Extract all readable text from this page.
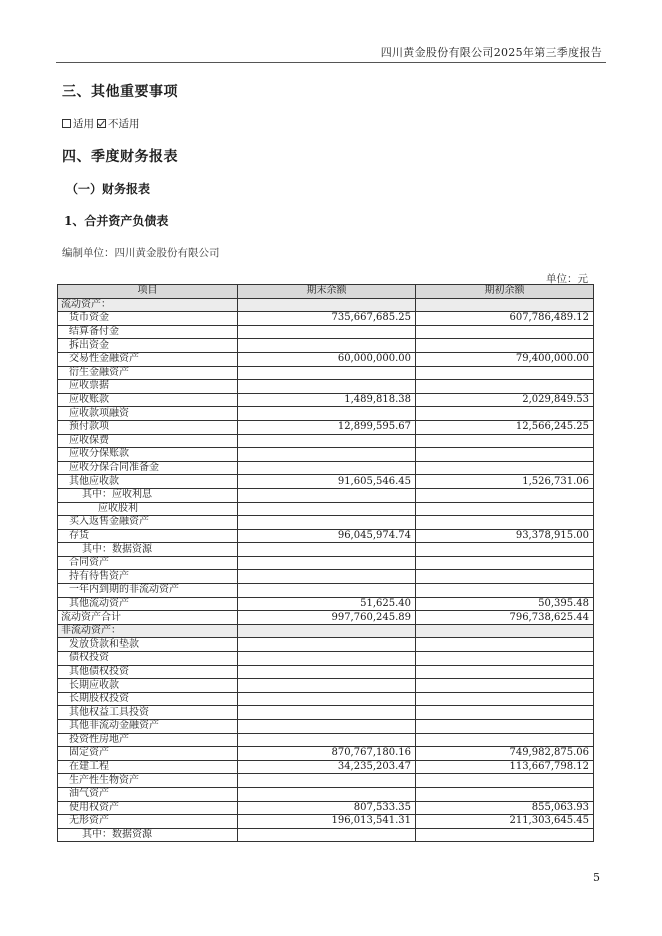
四川黄金股份有限公司2025年第三季度报告
三、其他重要事项
适用 不适用
四、季度财务报表
（一）财务报表
1、合并资产负债表
编制单位：四川黄金股份有限公司
单位：元
项目	期末余额	期初余额
流动资产：		
货币资金	735,667,685.25	607,786,489.12
结算备付金		
拆出资金		
交易性金融资产	60,000,000.00	79,400,000.00
衍生金融资产		
应收票据		
应收账款	1,489,818.38	2,029,849.53
应收款项融资		
预付款项	12,899,595.67	12,566,245.25
应收保费		
应收分保账款		
应收分保合同准备金		
其他应收款	91,605,546.45	1,526,731.06
其中：应收利息		
应收股利		
买入返售金融资产		
存货	96,045,974.74	93,378,915.00
其中：数据资源		
合同资产		
持有待售资产		
一年内到期的非流动资产		
其他流动资产	51,625.40	50,395.48
流动资产合计	997,760,245.89	796,738,625.44
非流动资产：		
发放贷款和垫款		
债权投资		
其他债权投资		
长期应收款		
长期股权投资		
其他权益工具投资		
其他非流动金融资产		
投资性房地产		
固定资产	870,767,180.16	749,982,875.06
在建工程	34,235,203.47	113,667,798.12
生产性生物资产		
油气资产		
使用权资产	807,533.35	855,063.93
无形资产	196,013,541.31	211,303,645.45
其中：数据资源		
5
